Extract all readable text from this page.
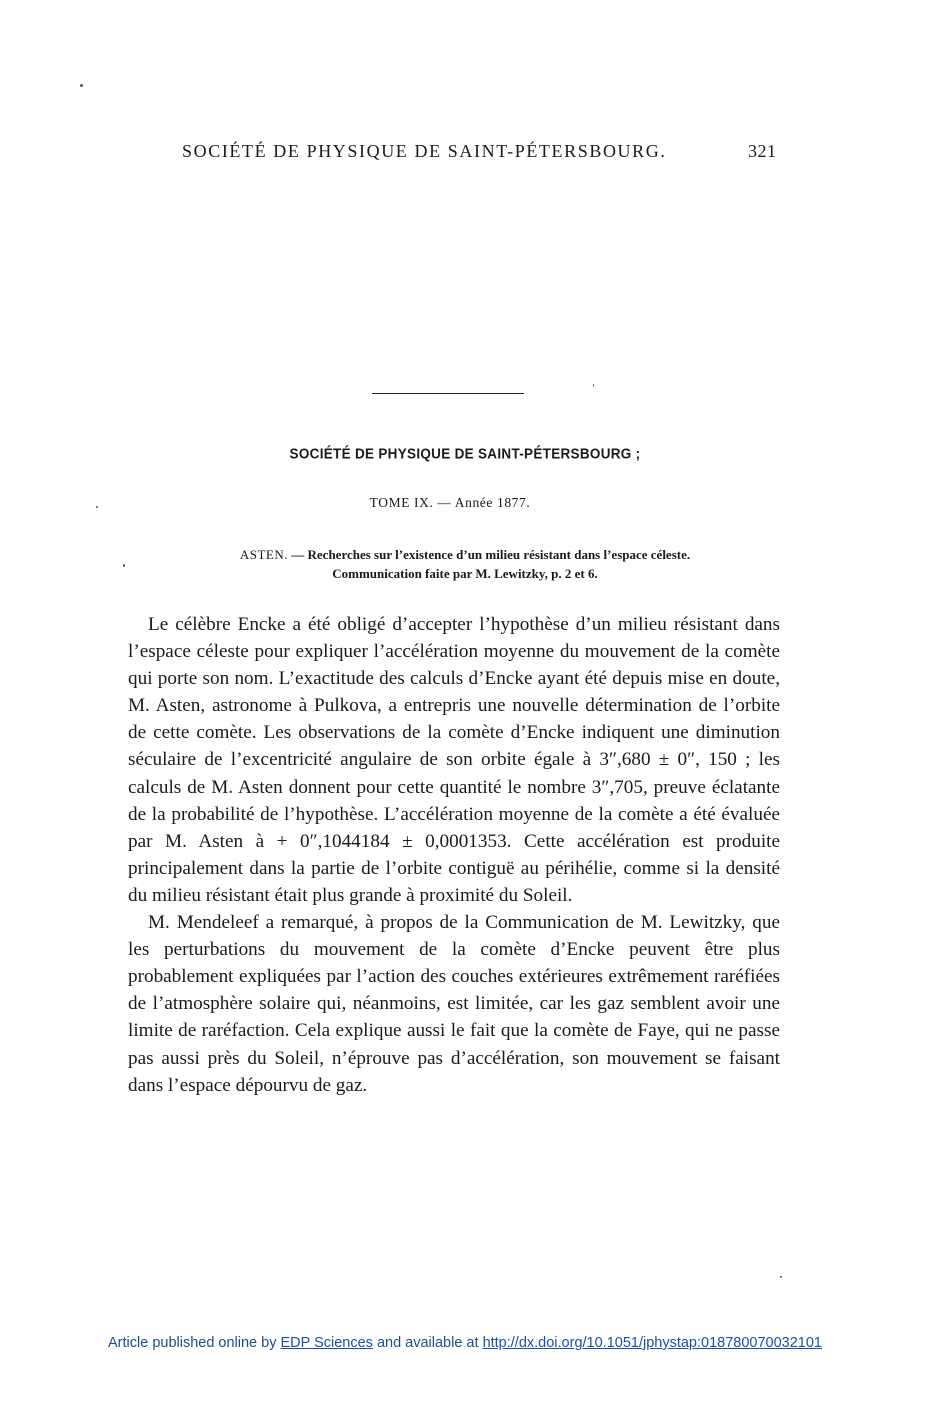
SOCIÉTÉ DE PHYSIQUE DE SAINT-PÉTERSBOURG.	321
SOCIÉTÉ DE PHYSIQUE DE SAINT-PÉTERSBOURG ;
TOME IX. — Année 1877.
ASTEN. — Recherches sur l’existence d’un milieu résistant dans l’espace céleste.
Communication faite par M. Lewitzky, p. 2 et 6.

Le célèbre Encke a été obligé d’accepter l’hypothèse d’un milieu résistant dans l’espace céleste pour expliquer l’accélération moyenne du mouvement de la comète qui porte son nom. L’exactitude des calculs d’Encke ayant été depuis mise en doute, M. Asten, astronome à Pulkova, a entrepris une nouvelle détermination de l’orbite de cette comète. Les observations de la comète d’Encke indiquent une diminution séculaire de l’excentricité angulaire de son orbite égale à 3″,680 ± 0″, 150 ; les calculs de M. Asten donnent pour cette quantité le nombre 3″,705, preuve éclatante de la probabilité de l’hypothèse. L’accélération moyenne de la comète a été évaluée par M. Asten à + 0″,1044184 ± 0,0001353. Cette accélération est produite principalement dans la partie de l’orbite contiguë au périhélie, comme si la densité du milieu résistant était plus grande à proximité du Soleil.

M. Mendeleef a remarqué, à propos de la Communication de M. Lewitzky, que les perturbations du mouvement de la comète d’Encke peuvent être plus probablement expliquées par l’action des couches extérieures extrêmement raréfiées de l’atmosphère solaire qui, néanmoins, est limitée, car les gaz semblent avoir une limite de raréfaction. Cela explique aussi le fait que la comète de Faye, qui ne passe pas aussi près du Soleil, n’éprouve pas d’accélération, son mouvement se faisant dans l’espace dépourvu de gaz.

Article published online by EDP Sciences and available at http://dx.doi.org/10.1051/jphystap:018780070032101
